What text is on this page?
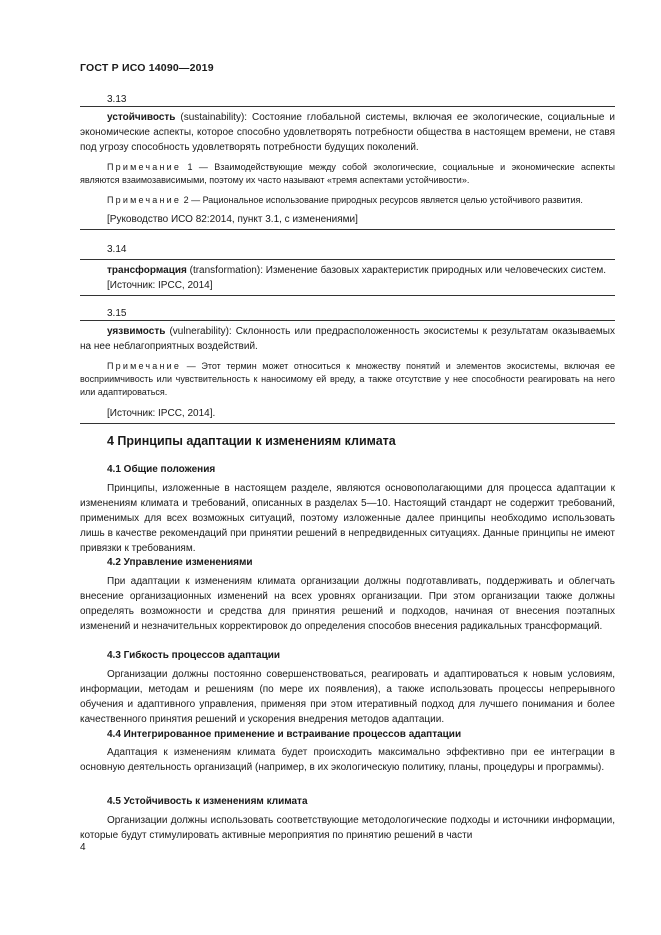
ГОСТ Р ИСО 14090—2019
3.13

устойчивость (sustainability): Состояние глобальной системы, включая ее экологические, социальные и экономические аспекты, которое способно удовлетворять потребности общества в настоящем времени, не ставя под угрозу способность удовлетворять потребности будущих поколений.

Примечание 1 — Взаимодействующие между собой экологические, социальные и экономические аспекты являются взаимозависимыми, поэтому их часто называют «тремя аспектами устойчивости».

Примечание 2 — Рациональное использование природных ресурсов является целью устойчивого развития.

[Руководство ИСО 82:2014, пункт 3.1, с изменениями]

3.14

трансформация (transformation): Изменение базовых характеристик природных или человеческих систем.

[Источник: IPCC, 2014]

3.15

уязвимость (vulnerability): Склонность или предрасположенность экосистемы к результатам оказываемых на нее неблагоприятных воздействий.

Примечание — Этот термин может относиться к множеству понятий и элементов экосистемы, включая ее восприимчивость или чувствительность к наносимому ей вреду, а также отсутствие у нее способности реагировать на него или адаптироваться.

[Источник: IPCC, 2014].

4 Принципы адаптации к изменениям климата
4.1 Общие положения

Принципы, изложенные в настоящем разделе, являются основополагающими для процесса адаптации к изменениям климата и требований, описанных в разделах 5—10. Настоящий стандарт не содержит требований, применимых для всех возможных ситуаций, поэтому изложенные далее принципы необходимо использовать лишь в качестве рекомендаций при принятии решений в непредвиденных ситуациях. Данные принципы не имеют привязки к требованиям.

4.2 Управление изменениями

При адаптации к изменениям климата организации должны подготавливать, поддерживать и облегчать внесение организационных изменений на всех уровнях организации. При этом организации также должны определять возможности и средства для принятия решений и подходов, начиная от внесения поэтапных изменений и незначительных корректировок до определения способов внесения радикальных трансформаций.

4.3 Гибкость процессов адаптации

Организации должны постоянно совершенствоваться, реагировать и адаптироваться к новым условиям, информации, методам и решениям (по мере их появления), а также использовать процессы непрерывного обучения и адаптивного управления, применяя при этом итеративный подход для лучшего понимания и более качественного принятия решений и ускорения внедрения методов адаптации.

4.4 Интегрированное применение и встраивание процессов адаптации

Адаптация к изменениям климата будет происходить максимально эффективно при ее интеграции в основную деятельность организаций (например, в их экологическую политику, планы, процедуры и программы).

4.5 Устойчивость к изменениям климата

Организации должны использовать соответствующие методологические подходы и источники информации, которые будут стимулировать активные мероприятия по принятию решений в части

4
